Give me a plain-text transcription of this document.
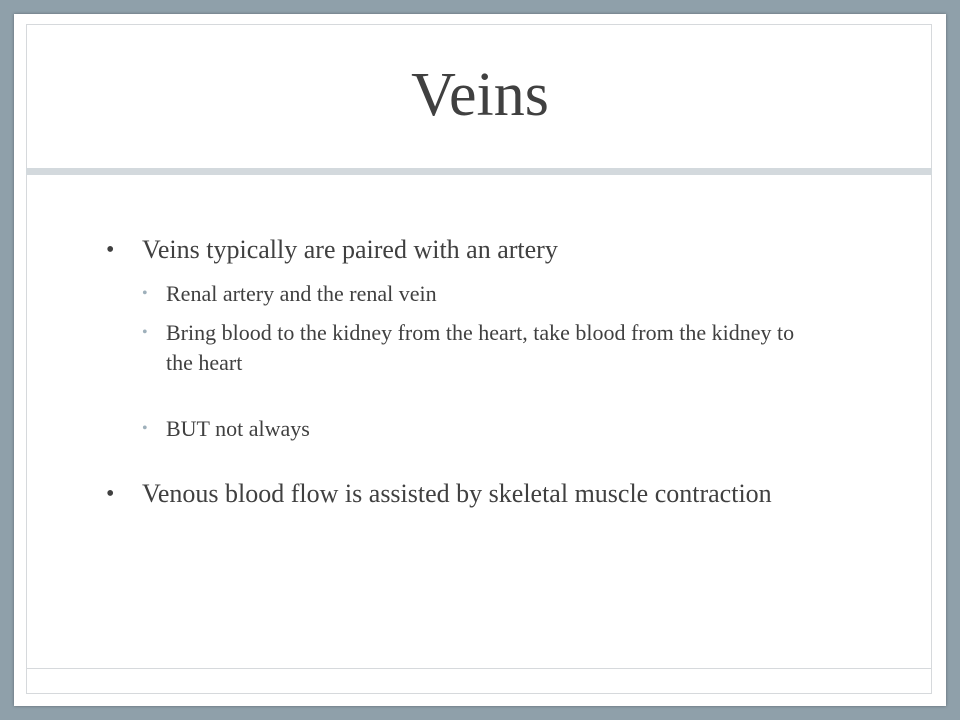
Veins
• Veins typically are paired with an artery
• Renal artery and the renal vein
• Bring blood to the kidney from the heart, take blood from the kidney to the heart
• BUT not always
• Venous blood flow is assisted by skeletal muscle contraction
